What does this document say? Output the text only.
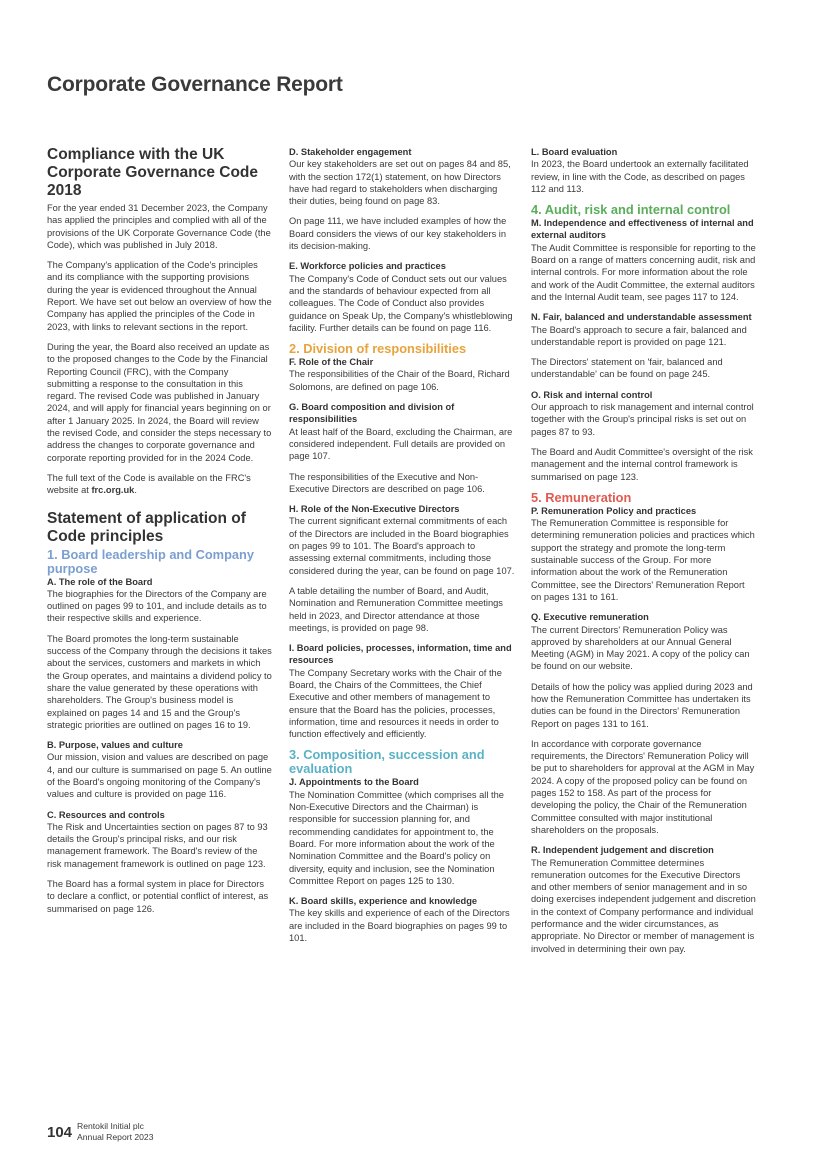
Corporate Governance Report
Compliance with the UK Corporate Governance Code 2018

For the year ended 31 December 2023, the Company has applied the principles and complied with all of the provisions of the UK Corporate Governance Code (the Code), which was published in July 2018.

The Company's application of the Code's principles and its compliance with the supporting provisions during the year is evidenced throughout the Annual Report. We have set out below an overview of how the Company has applied the principles of the Code in 2023, with links to relevant sections in the report.

During the year, the Board also received an update as to the proposed changes to the Code by the Financial Reporting Council (FRC), with the Company submitting a response to the consultation in this regard. The revised Code was published in January 2024, and will apply for financial years beginning on or after 1 January 2025. In 2024, the Board will review the revised Code, and consider the steps necessary to address the changes to corporate governance and corporate reporting provided for in the 2024 Code.

The full text of the Code is available on the FRC's website at frc.org.uk.

Statement of application of Code principles
1. Board leadership and Company purpose
A. The role of the Board

The biographies for the Directors of the Company are outlined on pages 99 to 101, and include details as to their respective skills and experience.

The Board promotes the long-term sustainable success of the Company through the decisions it takes about the services, customers and markets in which the Group operates, and maintains a dividend policy to share the value generated by these operations with shareholders. The Group's business model is explained on pages 14 and 15 and the Group's strategic priorities are outlined on pages 16 to 19.

B. Purpose, values and culture

Our mission, vision and values are described on page 4, and our culture is summarised on page 5. An outline of the Board's ongoing monitoring of the Company's values and culture is provided on page 116.

C. Resources and controls

The Risk and Uncertainties section on pages 87 to 93 details the Group's principal risks, and our risk management framework. The Board's review of the risk management framework is outlined on page 123.

The Board has a formal system in place for Directors to declare a conflict, or potential conflict of interest, as summarised on page 126.

D. Stakeholder engagement

Our key stakeholders are set out on pages 84 and 85, with the section 172(1) statement, on how Directors have had regard to stakeholders when discharging their duties, being found on page 83.

On page 111, we have included examples of how the Board considers the views of our key stakeholders in its decision-making.

E. Workforce policies and practices

The Company's Code of Conduct sets out our values and the standards of behaviour expected from all colleagues. The Code of Conduct also provides guidance on Speak Up, the Company's whistleblowing facility. Further details can be found on page 116.

2. Division of responsibilities
F. Role of the Chair

The responsibilities of the Chair of the Board, Richard Solomons, are defined on page 106.

G. Board composition and division of responsibilities

At least half of the Board, excluding the Chairman, are considered independent. Full details are provided on page 107.

The responsibilities of the Executive and Non-Executive Directors are described on page 106.

H. Role of the Non-Executive Directors

The current significant external commitments of each of the Directors are included in the Board biographies on pages 99 to 101. The Board's approach to assessing external commitments, including those considered during the year, can be found on page 107.

A table detailing the number of Board, and Audit, Nomination and Remuneration Committee meetings held in 2023, and Director attendance at those meetings, is provided on page 98.

I. Board policies, processes, information, time and resources

The Company Secretary works with the Chair of the Board, the Chairs of the Committees, the Chief Executive and other members of management to ensure that the Board has the policies, processes, information, time and resources it needs in order to function effectively and efficiently.

3. Composition, succession and evaluation
J. Appointments to the Board

The Nomination Committee (which comprises all the Non-Executive Directors and the Chairman) is responsible for succession planning for, and recommending candidates for appointment to, the Board. For more information about the work of the Nomination Committee and the Board's policy on diversity, equity and inclusion, see the Nomination Committee Report on pages 125 to 130.

K. Board skills, experience and knowledge

The key skills and experience of each of the Directors are included in the Board biographies on pages 99 to 101.

L. Board evaluation

In 2023, the Board undertook an externally facilitated review, in line with the Code, as described on pages 112 and 113.

4. Audit, risk and internal control
M. Independence and effectiveness of internal and external auditors

The Audit Committee is responsible for reporting to the Board on a range of matters concerning audit, risk and internal controls. For more information about the role and work of the Audit Committee, the external auditors and the Internal Audit team, see pages 117 to 124.

N. Fair, balanced and understandable assessment

The Board's approach to secure a fair, balanced and understandable report is provided on page 121.

The Directors' statement on 'fair, balanced and understandable' can be found on page 245.

O. Risk and internal control

Our approach to risk management and internal control together with the Group's principal risks is set out on pages 87 to 93.

The Board and Audit Committee's oversight of the risk management and the internal control framework is summarised on page 123.

5. Remuneration
P. Remuneration Policy and practices

The Remuneration Committee is responsible for determining remuneration policies and practices which support the strategy and promote the long-term sustainable success of the Group. For more information about the work of the Remuneration Committee, see the Directors' Remuneration Report on pages 131 to 161.

Q. Executive remuneration

The current Directors' Remuneration Policy was approved by shareholders at our Annual General Meeting (AGM) in May 2021. A copy of the policy can be found on our website.

Details of how the policy was applied during 2023 and how the Remuneration Committee has undertaken its duties can be found in the Directors' Remuneration Report on pages 131 to 161.

In accordance with corporate governance requirements, the Directors' Remuneration Policy will be put to shareholders for approval at the AGM in May 2024. A copy of the proposed policy can be found on pages 152 to 158. As part of the process for developing the policy, the Chair of the Remuneration Committee consulted with major institutional shareholders on the proposals.

R. Independent judgement and discretion

The Remuneration Committee determines remuneration outcomes for the Executive Directors and other members of senior management and in so doing exercises independent judgement and discretion in the context of Company performance and individual performance and the wider circumstances, as appropriate. No Director or member of management is involved in determining their own pay.

104 Rentokil Initial plc
Annual Report 2023
